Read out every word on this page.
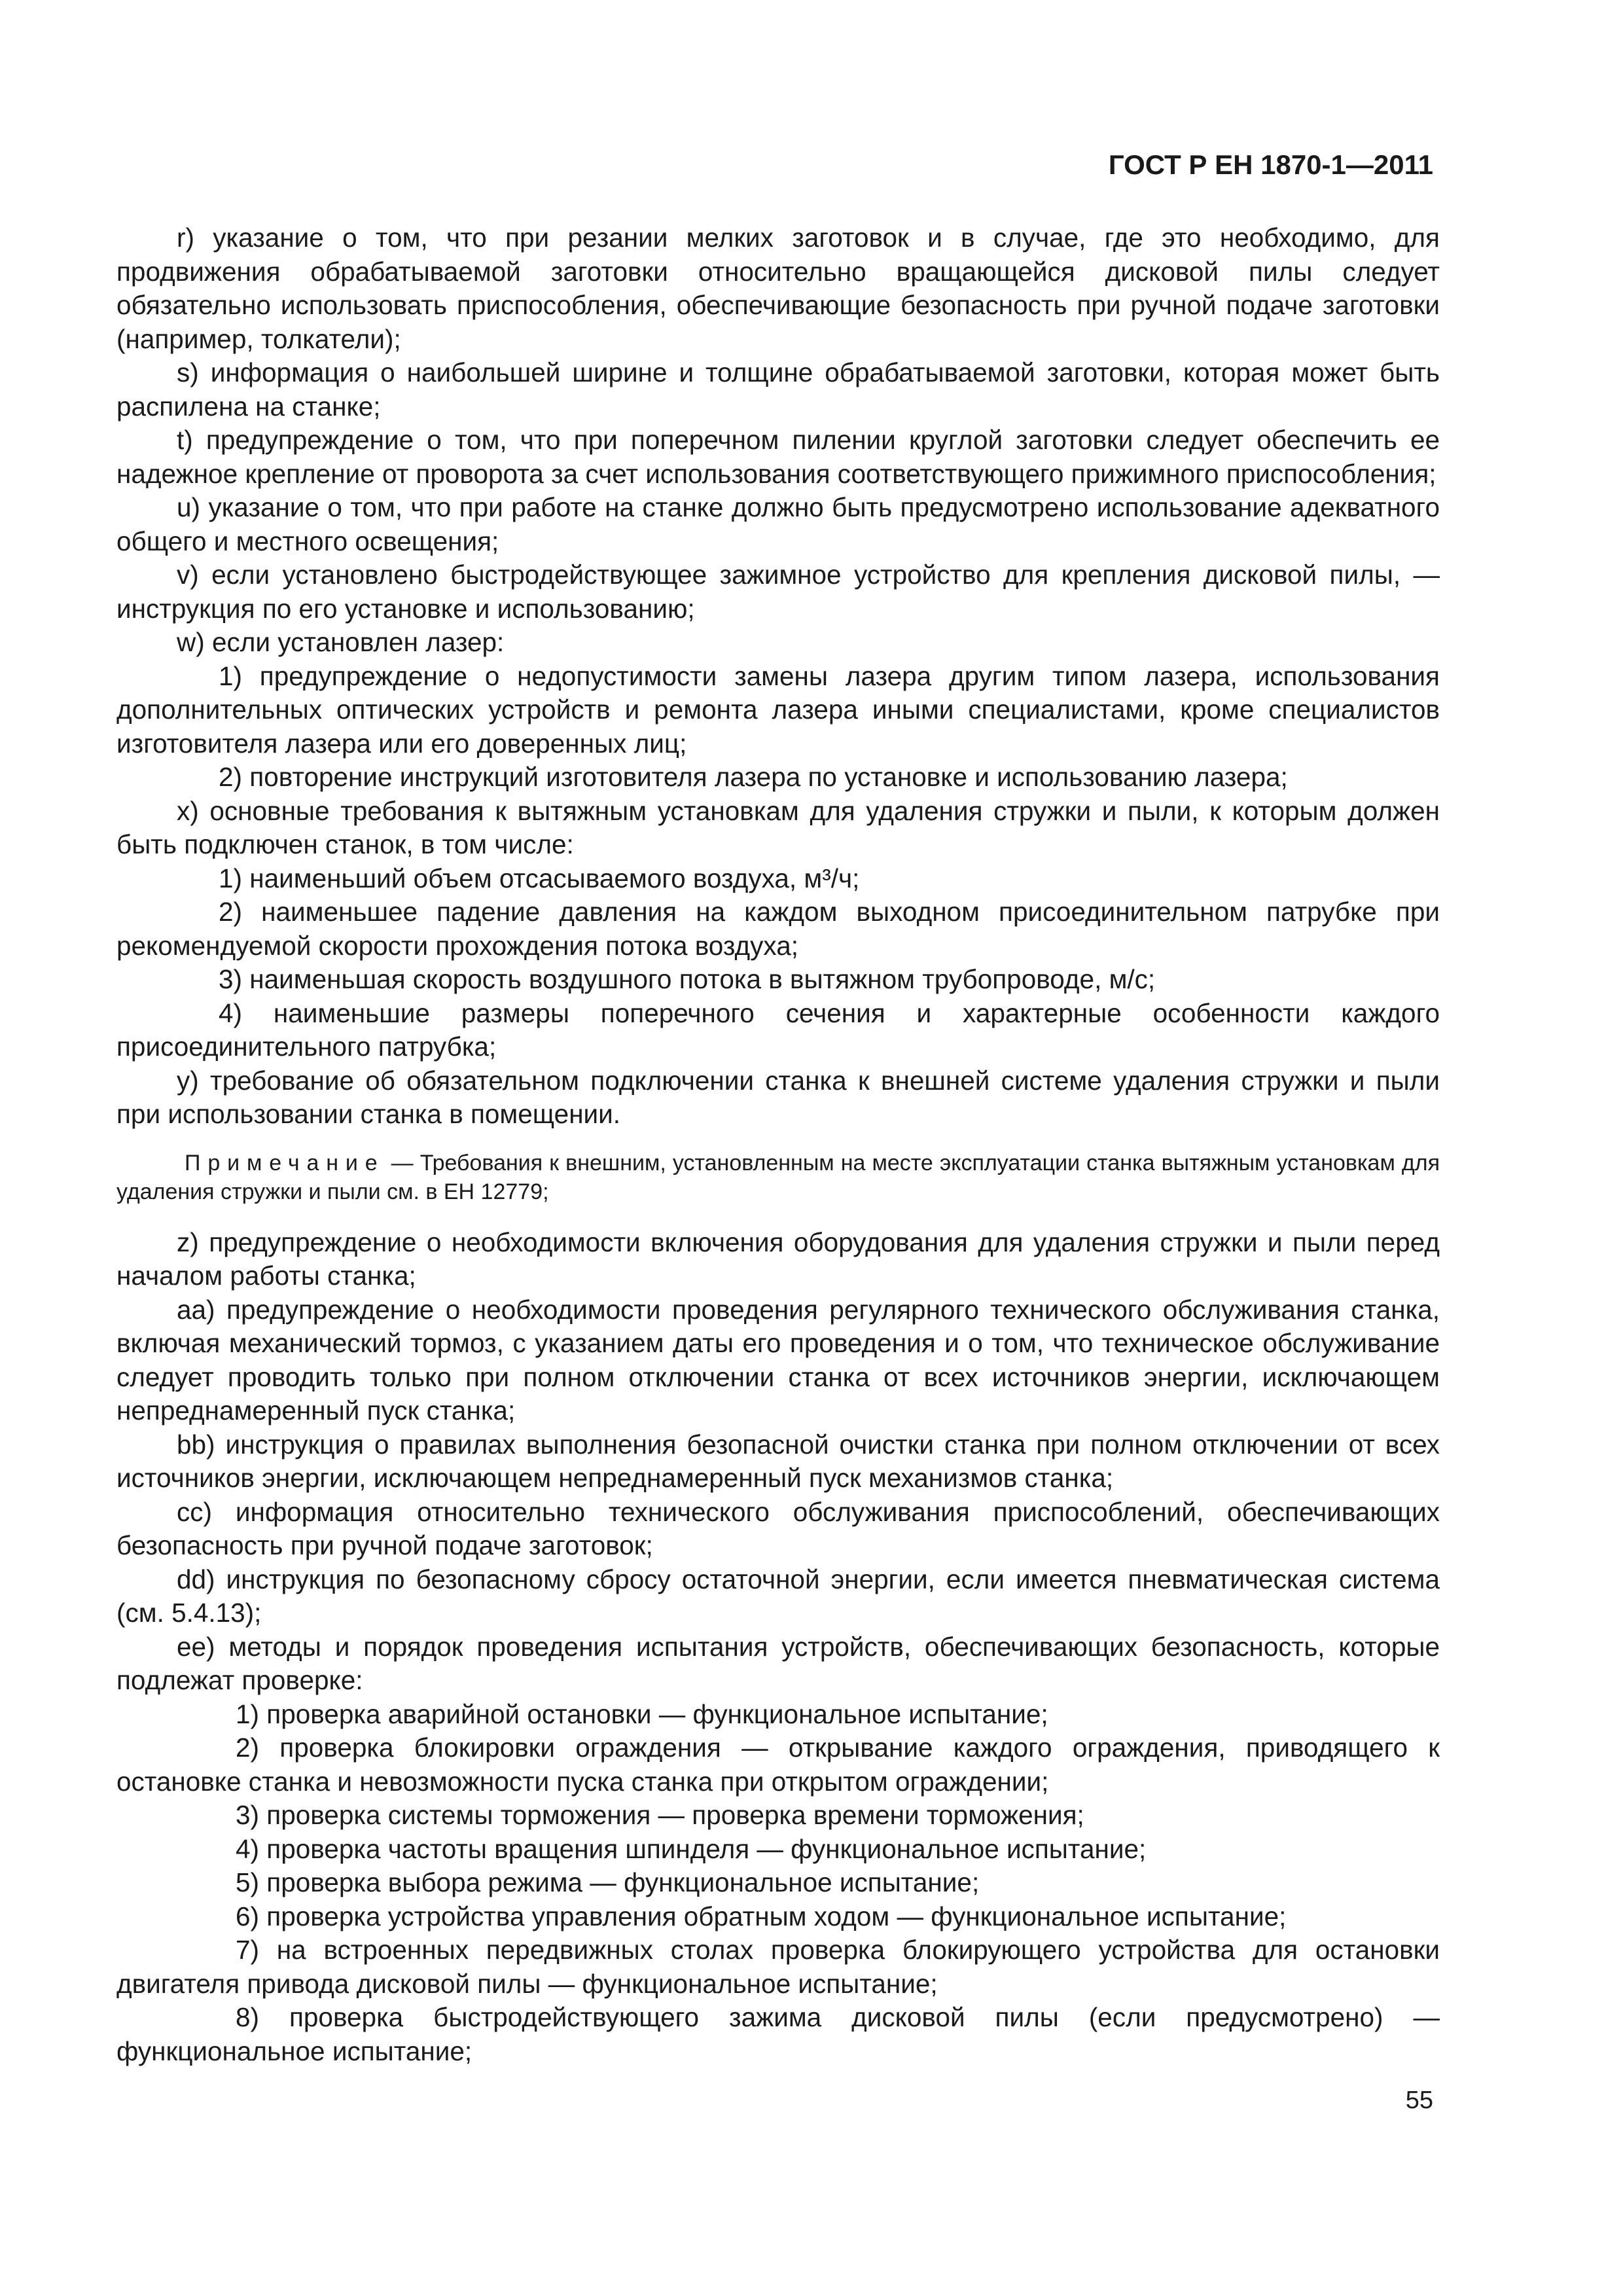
ГОСТ Р ЕН 1870-1—2011

r) указание о том, что при резании мелких заготовок и в случае, где это необходимо, для продвижения обрабатываемой заготовки относительно вращающейся дисковой пилы следует обязательно использовать приспособления, обеспечивающие безопасность при ручной подаче заготовки (например, толкатели);

s) информация о наибольшей ширине и толщине обрабатываемой заготовки, которая может быть распилена на станке;

t) предупреждение о том, что при поперечном пилении круглой заготовки следует обеспечить ее надежное крепление от проворота за счет использования соответствующего прижимного приспособления;

u) указание о том, что при работе на станке должно быть предусмотрено использование адекватного общего и местного освещения;

v) если установлено быстродействующее зажимное устройство для крепления дисковой пилы, — инструкция по его установке и использованию;

w) если установлен лазер:

1) предупреждение о недопустимости замены лазера другим типом лазера, использования дополнительных оптических устройств и ремонта лазера иными специалистами, кроме специалистов изготовителя лазера или его доверенных лиц;

2) повторение инструкций изготовителя лазера по установке и использованию лазера;

x) основные требования к вытяжным установкам для удаления стружки и пыли, к которым должен быть подключен станок, в том числе:

1) наименьший объем отсасываемого воздуха, м³/ч;

2) наименьшее падение давления на каждом выходном присоединительном патрубке при рекомендуемой скорости прохождения потока воздуха;

3) наименьшая скорость воздушного потока в вытяжном трубопроводе, м/с;

4) наименьшие размеры поперечного сечения и характерные особенности каждого присоединительного патрубка;

y) требование об обязательном подключении станка к внешней системе удаления стружки и пыли при использовании станка в помещении.

Примечание — Требования к внешним, установленным на месте эксплуатации станка вытяжным установкам для удаления стружки и пыли см. в ЕН 12779;

z) предупреждение о необходимости включения оборудования для удаления стружки и пыли перед началом работы станка;

aa) предупреждение о необходимости проведения регулярного технического обслуживания станка, включая механический тормоз, с указанием даты его проведения и о том, что техническое обслуживание следует проводить только при полном отключении станка от всех источников энергии, исключающем непреднамеренный пуск станка;

bb) инструкция о правилах выполнения безопасной очистки станка при полном отключении от всех источников энергии, исключающем непреднамеренный пуск механизмов станка;

cc) информация относительно технического обслуживания приспособлений, обеспечивающих безопасность при ручной подаче заготовок;

dd) инструкция по безопасному сбросу остаточной энергии, если имеется пневматическая система (см. 5.4.13);

ee) методы и порядок проведения испытания устройств, обеспечивающих безопасность, которые подлежат проверке:

1) проверка аварийной остановки — функциональное испытание;

2) проверка блокировки ограждения — открывание каждого ограждения, приводящего к остановке станка и невозможности пуска станка при открытом ограждении;

3) проверка системы торможения — проверка времени торможения;

4) проверка частоты вращения шпинделя — функциональное испытание;

5) проверка выбора режима — функциональное испытание;

6) проверка устройства управления обратным ходом — функциональное испытание;

7) на встроенных передвижных столах проверка блокирующего устройства для остановки двигателя привода дисковой пилы — функциональное испытание;

8) проверка быстродействующего зажима дисковой пилы (если предусмотрено) — функциональное испытание;

55
